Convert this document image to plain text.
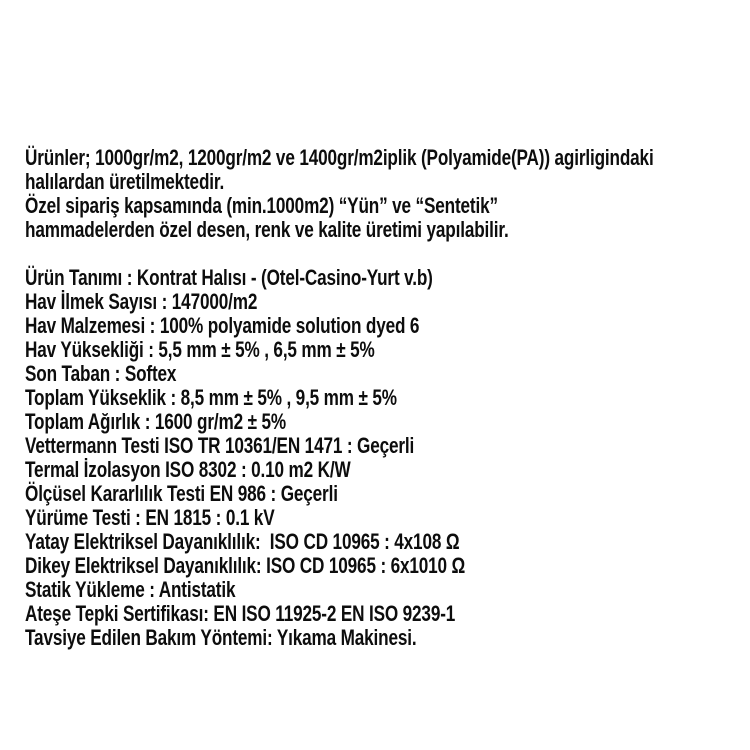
Ürünler; 1000gr/m2, 1200gr/m2 ve 1400gr/m2iplik (Polyamide(PA)) agirligindaki
halılardan üretilmektedir.
Özel sipariş kapsamında (min.1000m2) “Yün” ve “Sentetik”
hammadelerden özel desen, renk ve kalite üretimi yapılabilir.
Ürün Tanımı : Kontrat Halısı - (Otel-Casino-Yurt v.b)
Hav İlmek Sayısı : 147000/m2
Hav Malzemesi : 100% polyamide solution dyed 6
Hav Yüksekliği : 5,5 mm ± 5% , 6,5 mm ± 5%
Son Taban : Softex
Toplam Yükseklik : 8,5 mm ± 5% , 9,5 mm ± 5%
Toplam Ağırlık : 1600 gr/m2 ± 5%
Vettermann Testi ISO TR 10361/EN 1471 : Geçerli
Termal İzolasyon ISO 8302 : 0.10 m2 K/W
Ölçüsel Kararlılık Testi EN 986 : Geçerli
Yürüme Testi : EN 1815 : 0.1 kV
Yatay Elektriksel Dayanıklılık:  ISO CD 10965 : 4x108 Ω
Dikey Elektriksel Dayanıklılık: ISO CD 10965 : 6x1010 Ω
Statik Yükleme : Antistatik
Ateşe Tepki Sertifikası: EN ISO 11925-2 EN ISO 9239-1
Tavsiye Edilen Bakım Yöntemi: Yıkama Makinesi.
